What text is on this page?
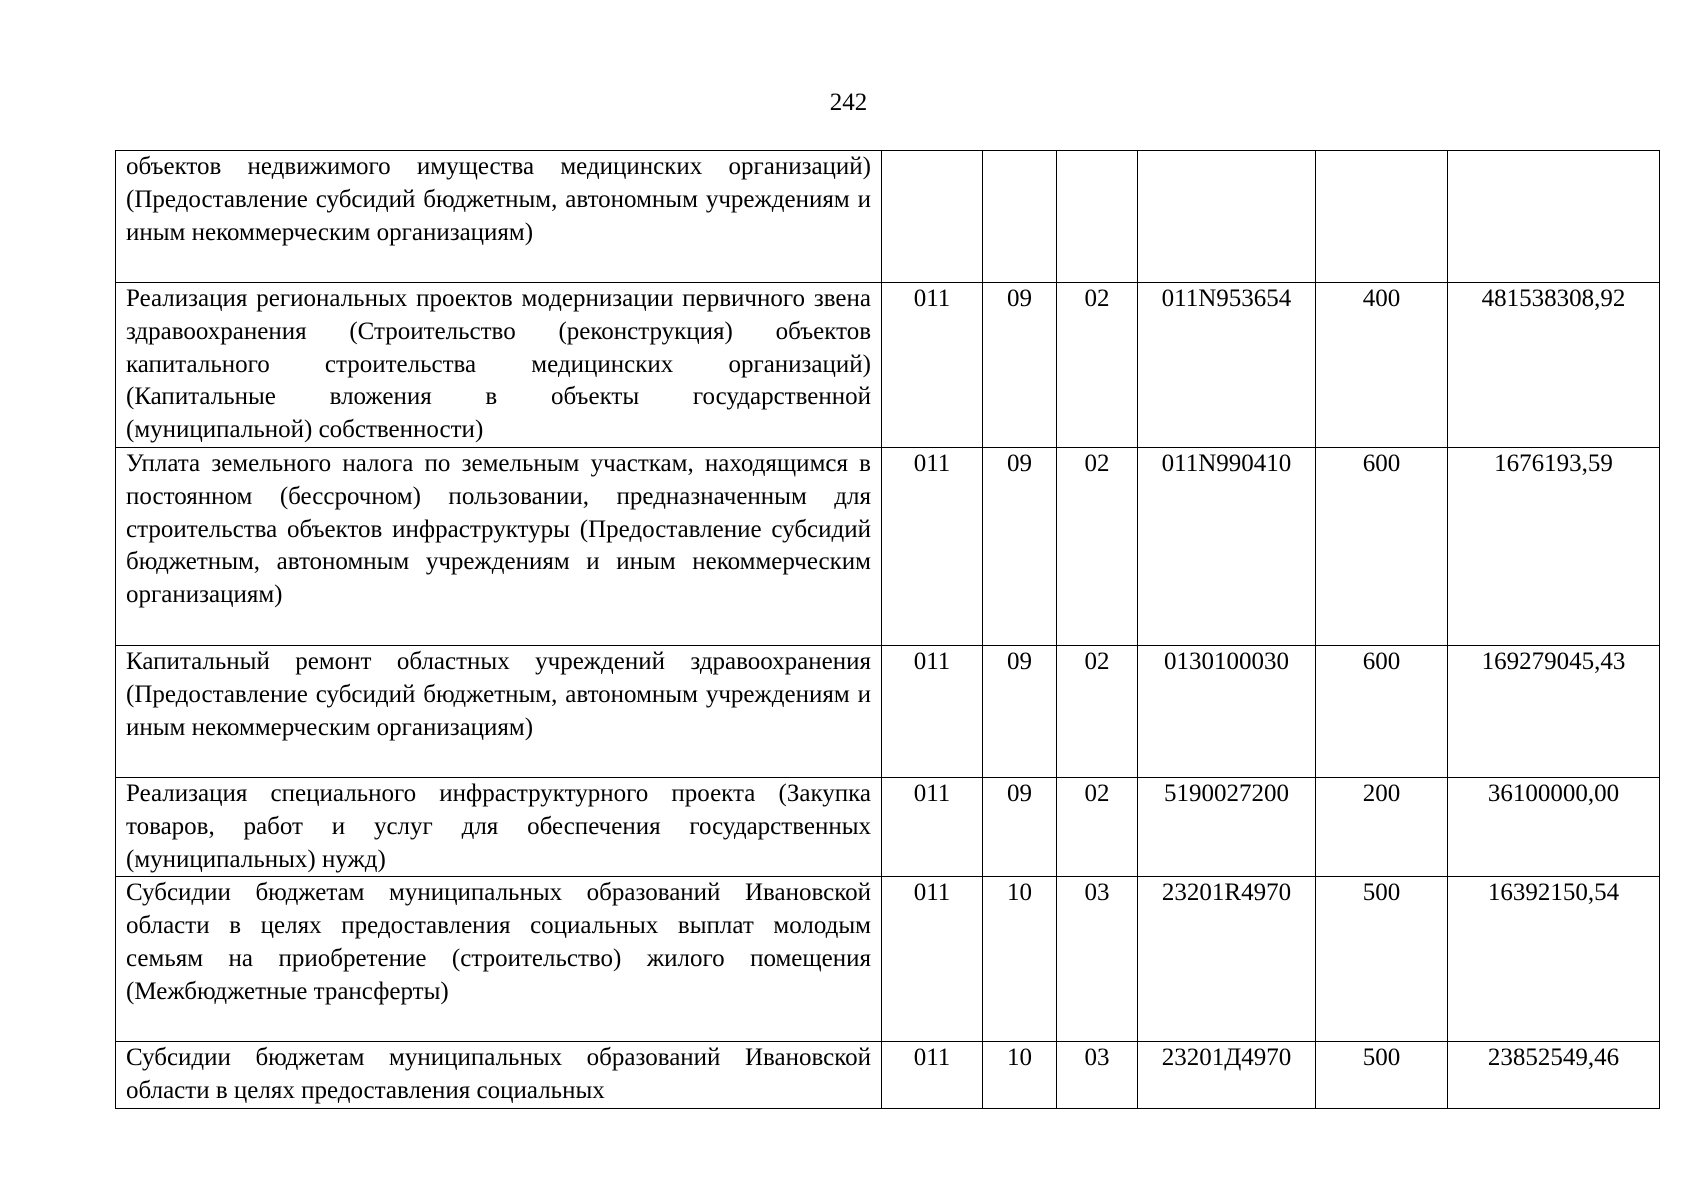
242
объектов недвижимого имущества медицинских организаций) (Предоставление субсидий бюджетным, автономным учреждениям и иным некоммерческим организациям)						
Реализация региональных проектов модернизации первичного звена здравоохранения (Строительство (реконструкция) объектов капитального строительства медицинских организаций) (Капитальные вложения в объекты государственной (муниципальной) собственности)	011	09	02	011N953654	400	481538308,92
Уплата земельного налога по земельным участкам, находящимся в постоянном (бессрочном) пользовании, предназначенным для строительства объектов инфраструктуры (Предоставление субсидий бюджетным, автономным учреждениям и иным некоммерческим организациям)	011	09	02	011N990410	600	1676193,59
Капитальный ремонт областных учреждений здравоохранения (Предоставление субсидий бюджетным, автономным учреждениям и иным некоммерческим организациям)	011	09	02	0130100030	600	169279045,43
Реализация специального инфраструктурного проекта (Закупка товаров, работ и услуг для обеспечения государственных (муниципальных) нужд)	011	09	02	5190027200	200	36100000,00
Субсидии бюджетам муниципальных образований Ивановской области в целях предоставления социальных выплат молодым семьям на приобретение (строительство) жилого помещения (Межбюджетные трансферты)	011	10	03	23201R4970	500	16392150,54
Субсидии бюджетам муниципальных образований Ивановской области в целях предоставления социальных	011	10	03	23201Д4970	500	23852549,46
